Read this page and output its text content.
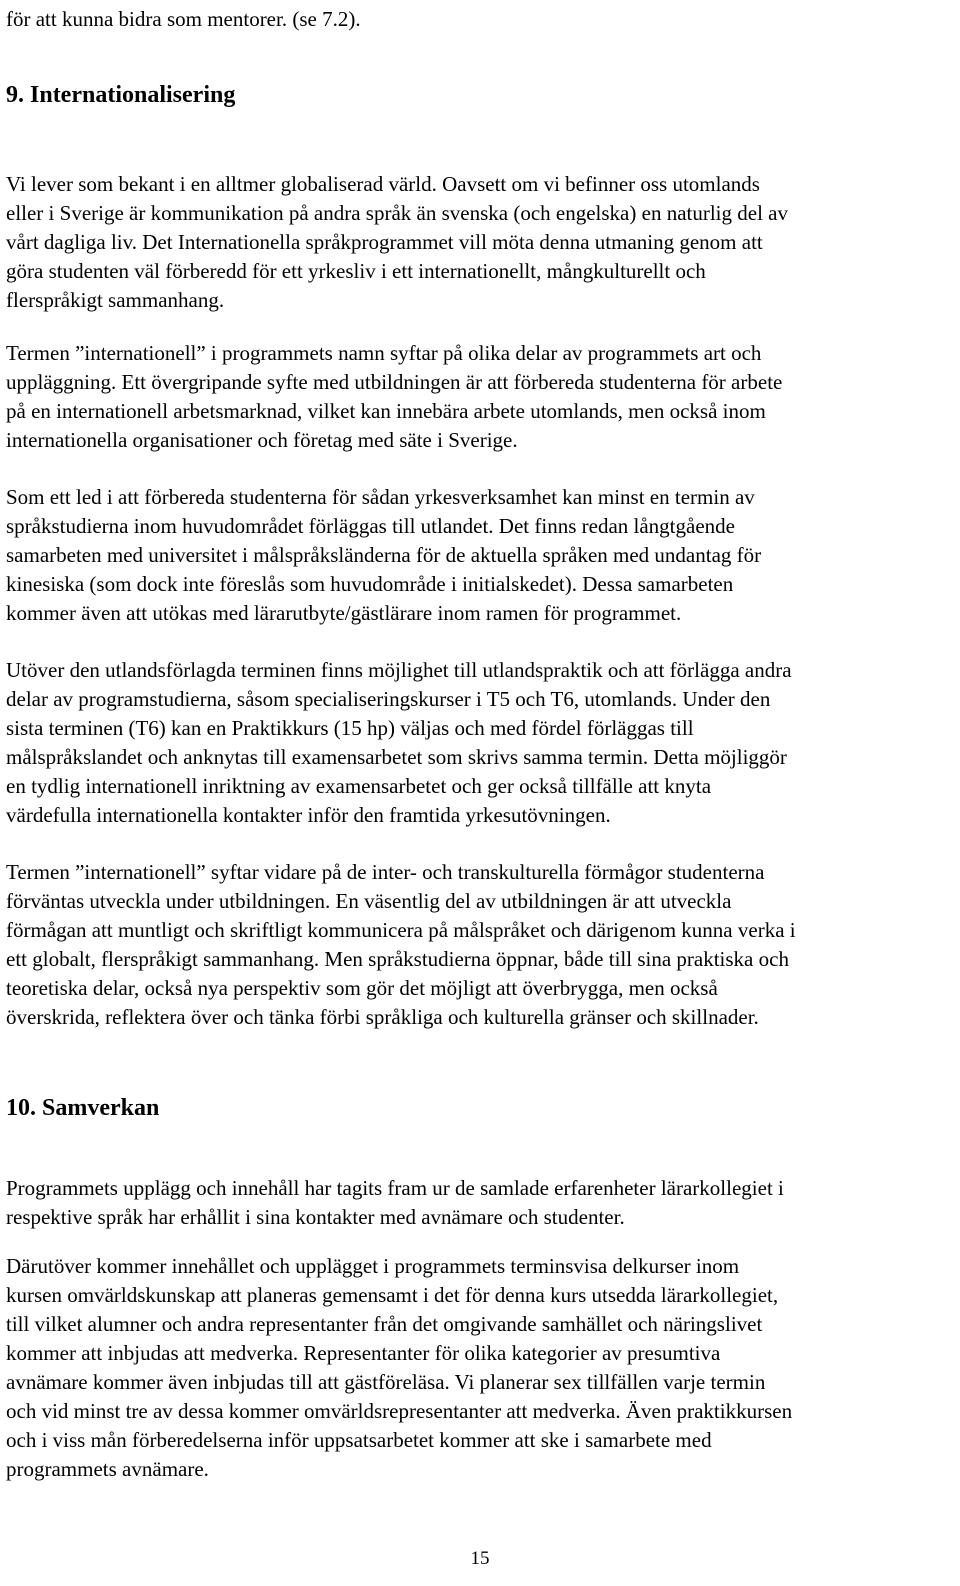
för att kunna bidra som mentorer. (se 7.2).
9. Internationalisering
Vi lever som bekant i en alltmer globaliserad värld. Oavsett om vi befinner oss utomlands
eller i Sverige är kommunikation på andra språk än svenska (och engelska) en naturlig del av
vårt dagliga liv. Det Internationella språkprogrammet vill möta denna utmaning genom att
göra studenten väl förberedd för ett yrkesliv i ett internationellt, mångkulturellt och
flerspråkigt sammanhang.
Termen ”internationell” i programmets namn syftar på olika delar av programmets art och
uppläggning. Ett övergripande syfte med utbildningen är att förbereda studenterna för arbete
på en internationell arbetsmarknad, vilket kan innebära arbete utomlands, men också inom
internationella organisationer och företag med säte i Sverige.
Som ett led i att förbereda studenterna för sådan yrkesverksamhet kan minst en termin av
språkstudierna inom huvudområdet förläggas till utlandet. Det finns redan långtgående
samarbeten med universitet i målspråksländerna för de aktuella språken med undantag för
kinesiska (som dock inte föreslås som huvudområde i initialskedet). Dessa samarbeten
kommer även att utökas med lärarutbyte/gästlärare inom ramen för programmet.
Utöver den utlandsförlagda terminen finns möjlighet till utlandspraktik och att förlägga andra
delar av programstudierna, såsom specialiseringskurser i T5 och T6, utomlands. Under den
sista terminen (T6) kan en Praktikkurs (15 hp) väljas och med fördel förläggas till
målspråkslandet och anknytas till examensarbetet som skrivs samma termin. Detta möjliggör
en tydlig internationell inriktning av examensarbetet och ger också tillfälle att knyta
värdefulla internationella kontakter inför den framtida yrkesutövningen.
Termen ”internationell” syftar vidare på de inter- och transkulturella förmågor studenterna
förväntas utveckla under utbildningen. En väsentlig del av utbildningen är att utveckla
förmågan att muntligt och skriftligt kommunicera på målspråket och därigenom kunna verka i
ett globalt, flerspråkigt sammanhang. Men språkstudierna öppnar, både till sina praktiska och
teoretiska delar, också nya perspektiv som gör det möjligt att överbrygga, men också
överskrida, reflektera över och tänka förbi språkliga och kulturella gränser och skillnader.
10. Samverkan
Programmets upplägg och innehåll har tagits fram ur de samlade erfarenheter lärarkollegiet i
respektive språk har erhållit i sina kontakter med avnämare och studenter.
Därutöver kommer innehållet och upplägget i programmets terminsvisa delkurser inom
kursen omvärldskunskap att planeras gemensamt i det för denna kurs utsedda lärarkollegiet,
till vilket alumner och andra representanter från det omgivande samhället och näringslivet
kommer att inbjudas att medverka. Representanter för olika kategorier av presumtiva
avnämare kommer även inbjudas till att gästföreläsa. Vi planerar sex tillfällen varje termin
och vid minst tre av dessa kommer omvärldsrepresentanter att medverka. Även praktikkursen
och i viss mån förberedelserna inför uppsatsarbetet kommer att ske i samarbete med
programmets avnämare.
15
